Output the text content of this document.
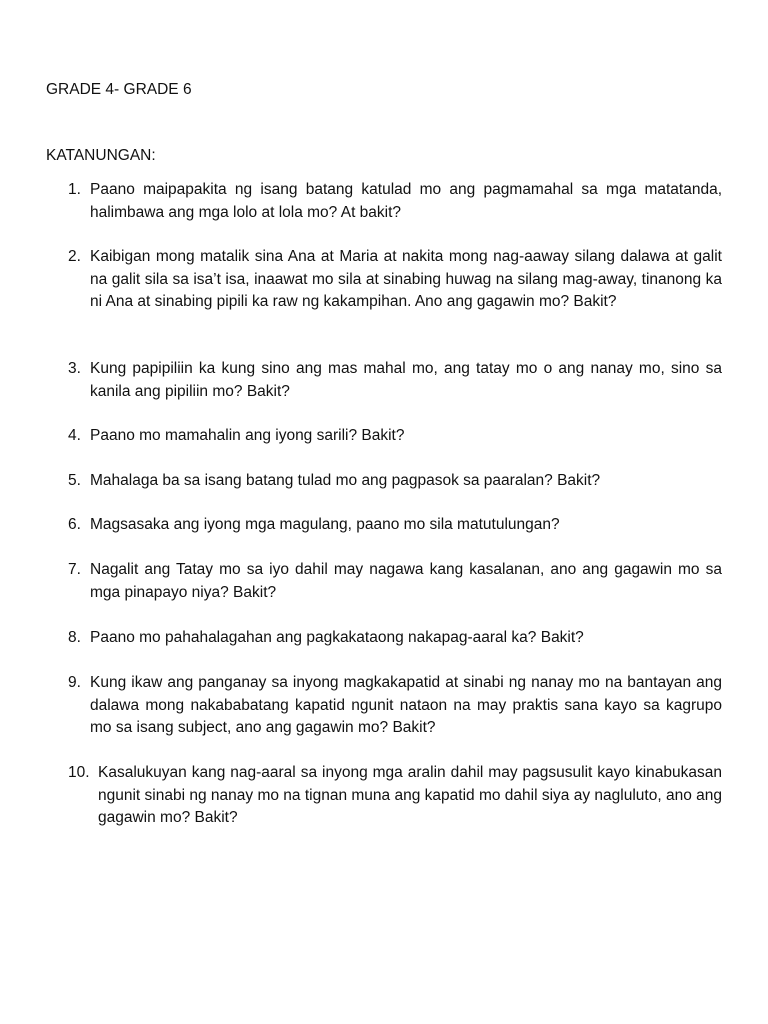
GRADE 4- GRADE 6

KATANUNGAN:

1. Paano maipapakita ng isang batang katulad mo ang pagmamahal sa mga matatanda, halimbawa ang mga lolo at lola mo? At bakit?
2. Kaibigan mong matalik sina Ana at Maria at nakita mong nag-aaway silang dalawa at galit na galit sila sa isa’t isa, inaawat mo sila at sinabing huwag na silang mag-away, tinanong ka ni Ana at sinabing pipili ka raw ng kakampihan. Ano ang gagawin mo? Bakit?
3. Kung papipiliin ka kung sino ang mas mahal mo, ang tatay mo o ang nanay mo, sino sa kanila ang pipiliin mo? Bakit?
4. Paano mo mamahalin ang iyong sarili? Bakit?
5. Mahalaga ba sa isang batang tulad mo ang pagpasok sa paaralan? Bakit?
6. Magsasaka ang iyong mga magulang, paano mo sila matutulungan?
7. Nagalit ang Tatay mo sa iyo dahil may nagawa kang kasalanan, ano ang gagawin mo sa mga pinapayo niya? Bakit?
8. Paano mo pahahalagahan ang pagkakataong nakapag-aaral ka? Bakit?
9. Kung ikaw ang panganay sa inyong magkakapatid at sinabi ng nanay mo na bantayan ang dalawa mong nakababatang kapatid ngunit nataon na may praktis sana kayo sa kagrupo mo sa isang subject, ano ang gagawin mo? Bakit?
10. Kasalukuyan kang nag-aaral sa inyong mga aralin dahil may pagsusulit kayo kinabukasan ngunit sinabi ng nanay mo na tignan muna ang kapatid mo dahil siya ay nagluluto, ano ang gagawin mo? Bakit?
